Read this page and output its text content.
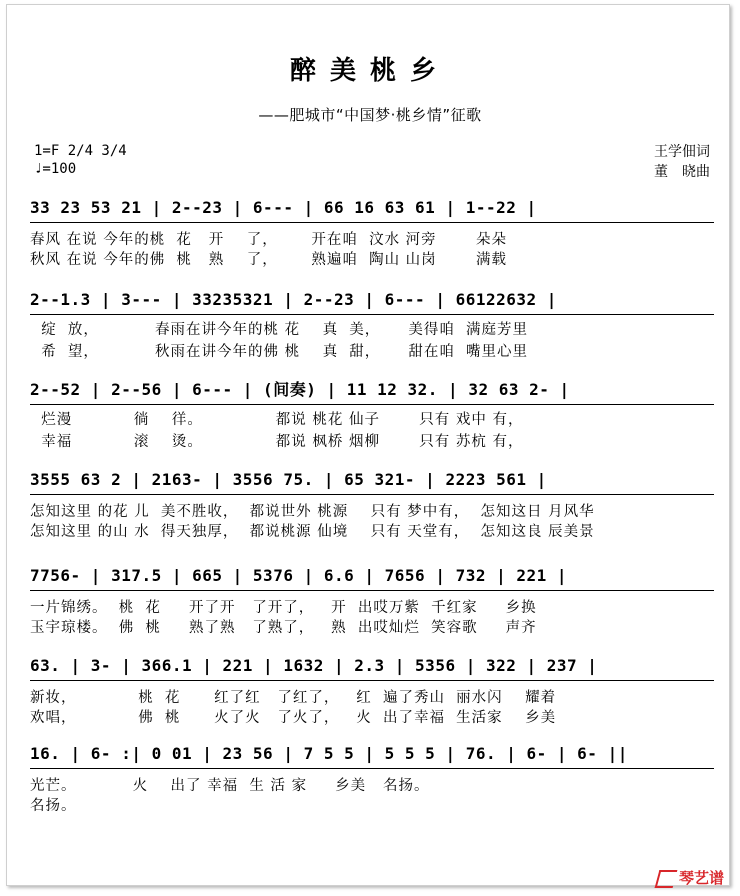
醉美桃乡
——肥城市“中国梦·桃乡情”征歌
1=F 2/4 3/4
♩=100
王学佃词
董　晓曲
33 23 53 21 | 2--23 | 6--- | 66 16 63 61 | 1--22 |
春风 在说 今年的桃  花   开    了，      开在咱  汶水 河旁       朵朵
秋风 在说 今年的佛  桃   熟    了，      熟遍咱  陶山 山岗       满载
2--1.3 | 3--- | 33235321 | 2--23 | 6--- | 66122632 |
绽  放，          春雨在讲今年的桃 花    真  美，     美得咱  满庭芳里
希  望，          秋雨在讲今年的佛 桃    真  甜，     甜在咱  嘴里心里
2--52 | 2--56 | 6--- | (间奏) | 11 12 32. | 32 63 2- |
烂漫           徜    徉。             都说 桃花 仙子       只有 戏中 有，
幸福           滚    烫。             都说 枫桥 烟柳       只有 苏杭 有，
3555 63 2 | 2163- | 3556 75. | 65 321- | 2223 561 |
怎知这里 的花 儿  美不胜收，  都说世外 桃源    只有 梦中有，  怎知这日 月风华
怎知这里 的山 水  得天独厚，  都说桃源 仙境    只有 天堂有，  怎知这良 辰美景
7756- | 317.5 | 665 | 5376 | 6.6 | 7656 | 732 | 221 |
一片锦绣。  桃  花     开了开   了开了，   开  出哎万紫  千红家     乡换
玉宇琼楼。  佛  桃     熟了熟   了熟了，   熟  出哎灿烂  笑容歌     声齐
63. | 3- | 366.1 | 221 | 1632 | 2.3 | 5356 | 322 | 237 |
新妆，           桃  花      红了红   了红了，   红  遍了秀山  丽水闪    耀着
欢唱，           佛  桃      火了火   了火了，   火  出了幸福  生活家    乡美
16. | 6- :| 0 01 | 23 56 | 7 5 5 | 5 5 5 | 76. | 6- | 6- ||
光芒。          火    出了 幸福  生 活 家     乡美   名扬。
名扬。
琴艺谱
